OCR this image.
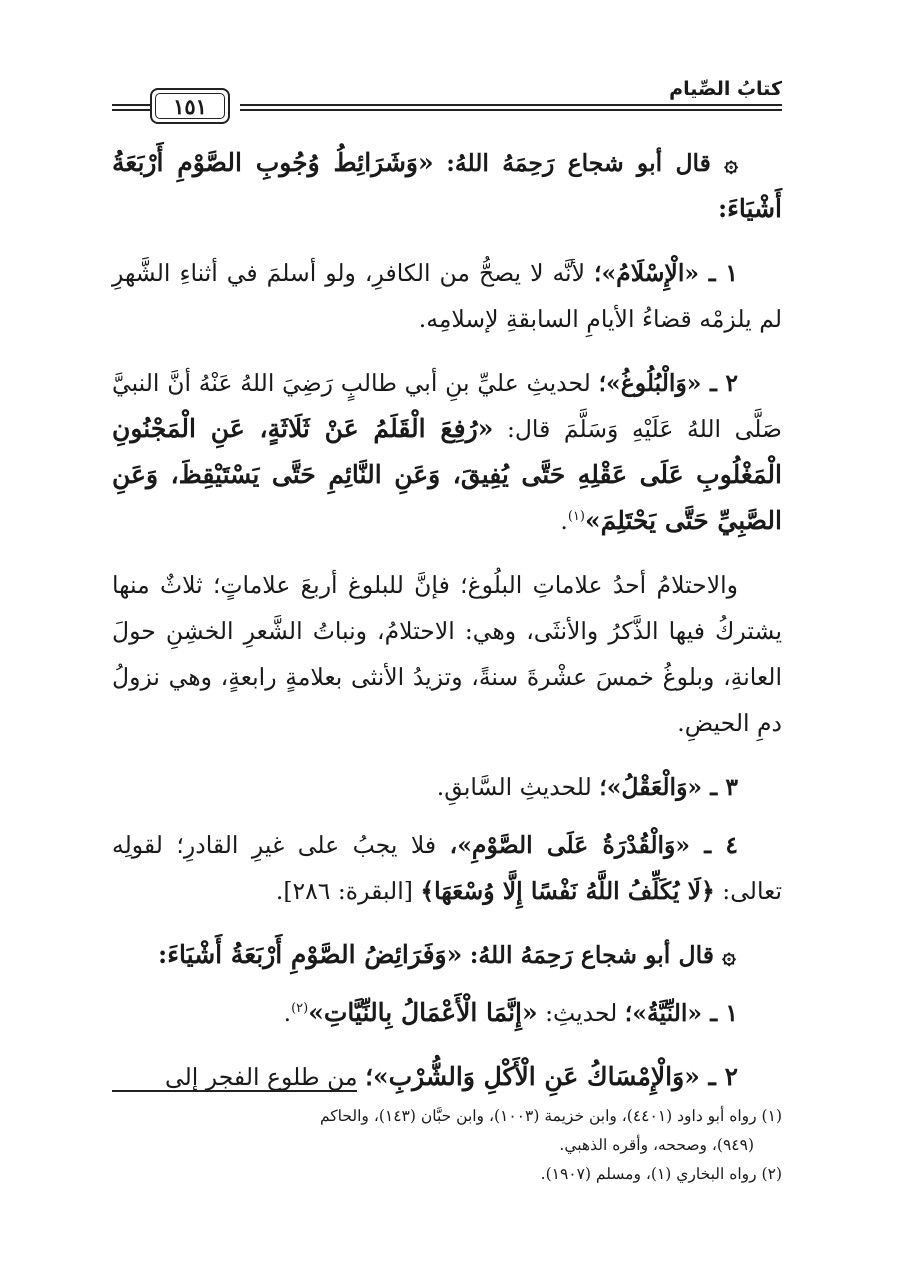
كتابُ الصِّيام
١٥١

۞ قال أبو شجاع رَحِمَهُ اللهُ: «وَشَرَائِطُ وُجُوبِ الصَّوْمِ أَرْبَعَةُ أَشْيَاءَ:

١ ـ «الْإِسْلَامُ»؛ لأنَّه لا يصحُّ من الكافرِ، ولو أسلمَ في أثناءِ الشَّهرِ لم يلزمْه قضاءُ الأيامِ السابقةِ لإسلامِه.

٢ ـ «وَالْبُلُوغُ»؛ لحديثِ عليِّ بنِ أبي طالبٍ رَضِيَ اللهُ عَنْهُ أنَّ النبيَّ صَلَّى اللهُ عَلَيْهِ وَسَلَّمَ قال: «رُفِعَ الْقَلَمُ عَنْ ثَلَاثَةٍ، عَنِ الْمَجْنُونِ الْمَغْلُوبِ عَلَى عَقْلِهِ حَتَّى يُفِيقَ، وَعَنِ النَّائِمِ حَتَّى يَسْتَيْقِظَ، وَعَنِ الصَّبِيِّ حَتَّى يَحْتَلِمَ»$^{(١)}$.

والاحتلامُ أحدُ علاماتِ البلُوغ؛ فإنَّ للبلوغ أربعَ علاماتٍ؛ ثلاثٌ منها يشتركُ فيها الذَّكرُ والأنثَى، وهي: الاحتلامُ، ونباتُ الشَّعرِ الخشِنِ حولَ العانةِ، وبلوغُ خمسَ عشْرةَ سنةً، وتزيدُ الأنثى بعلامةٍ رابعةٍ، وهي نزولُ دمِ الحيضِ.

٣ ـ «وَالْعَقْلُ»؛ للحديثِ السَّابقِ.

٤ ـ «وَالْقُدْرَةُ عَلَى الصَّوْمِ»، فلا يجبُ على غيرِ القادرِ؛ لقولِه تعالى: ﴿لَا يُكَلِّفُ اللَّهُ نَفْسًا إِلَّا وُسْعَهَا﴾ [البقرة: ٢٨٦].

۞ قال أبو شجاع رَحِمَهُ اللهُ: «وَفَرَائِضُ الصَّوْمِ أَرْبَعَةُ أَشْيَاءَ:

١ ـ «النِّيَّةُ»؛ لحديثِ: «إِنَّمَا الْأَعْمَالُ بِالنِّيَّاتِ»$^{(٢)}$.

٢ ـ «وَالْإِمْسَاكُ عَنِ الْأَكْلِ وَالشُّرْبِ»؛ من طلوع الفجر إلى

(١) رواه أبو داود (٤٤٠١)، وابن خزيمة (١٠٠٣)، وابن حبَّان (١٤٣)، والحاكم

(٩٤٩)، وصححه، وأقره الذهبي.

(٢) رواه البخاري (١)، ومسلم (١٩٠٧).
